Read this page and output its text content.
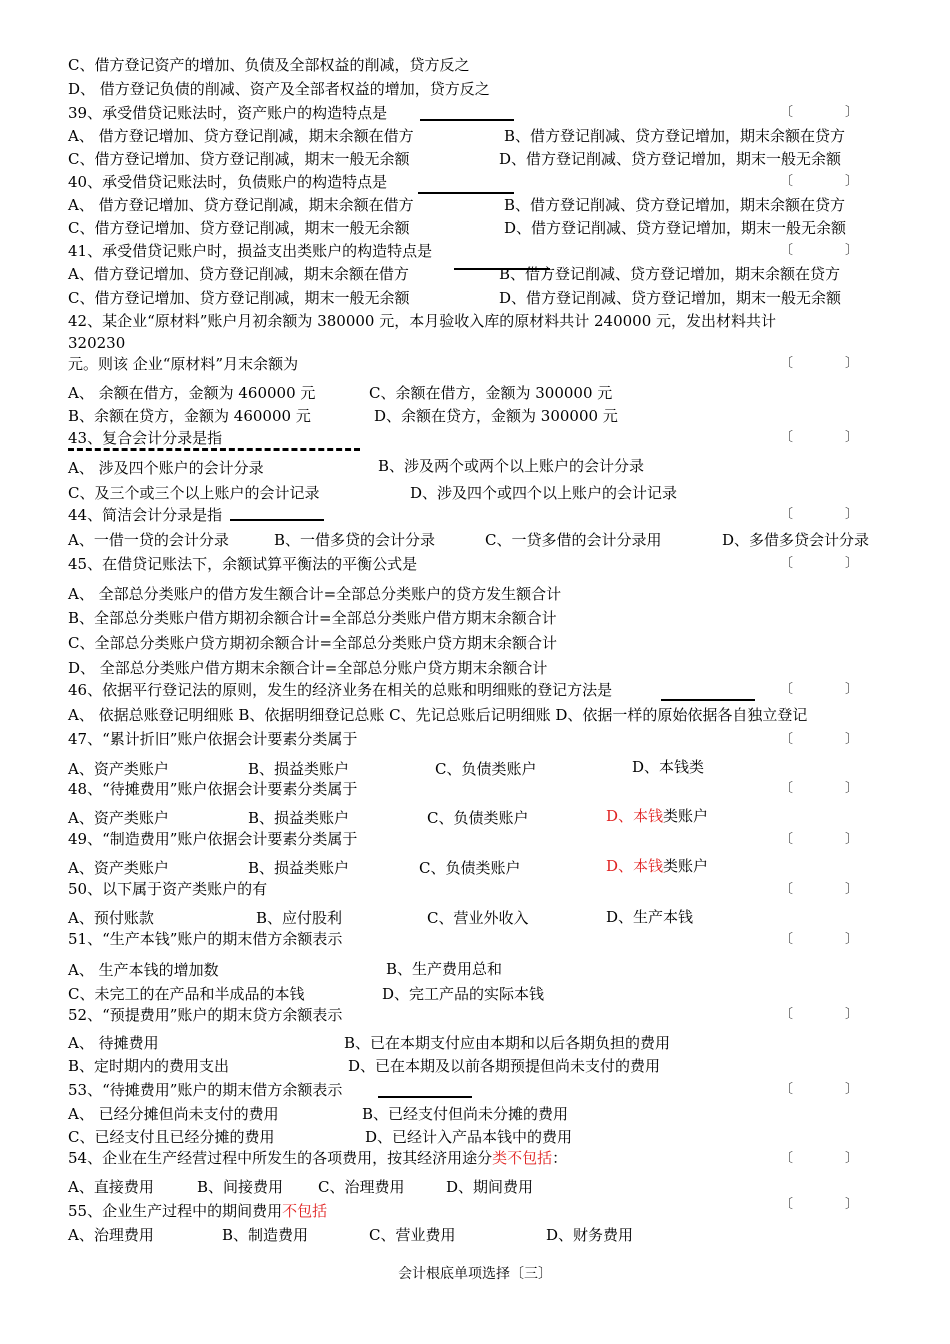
C、借方登记资产的增加、负债及全部权益的削减，贷方反之
D、 借方登记负债的削减、资产及全部者权益的增加，贷方反之
39、承受借贷记账法时，资产账户的构造特点是	〔　　　　〕
A、 借方登记增加、贷方登记削减，期末余额在借方	B、借方登记削减、贷方登记增加，期末余额在贷方
C、借方登记增加、贷方登记削减，期末一般无余额	D、借方登记削减、贷方登记增加，期末一般无余额
40、承受借贷记账法时，负债账户的构造特点是	〔　　　　〕
A、 借方登记增加、贷方登记削减，期末余额在借方	B、借方登记削减、贷方登记增加，期末余额在贷方
C、借方登记增加、贷方登记削减，期末一般无余额	D、借方登记削减、贷方登记增加，期末一般无余额
41、承受借贷记账户时，损益支出类账户的构造特点是	〔　　　　〕
A、借方登记增加、贷方登记削减，期末余额在借方	B、借方登记削减、贷方登记增加，期末余额在贷方
C、借方登记增加、贷方登记削减，期末一般无余额	D、借方登记削减、贷方登记增加，期末一般无余额
42、某企业“原材料”账户月初余额为 380000 元，本月验收入库的原材料共计 240000 元，发出材料共计
320230
元。则该 企业“原材料”月末余额为	〔　　　　〕
A、 余额在借方，金额为 460000 元	C、余额在借方，金额为 300000 元
B、余额在贷方，金额为 460000 元	D、余额在贷方，金额为 300000 元
43、复合会计分录是指	〔　　　　〕
A、 涉及四个账户的会计分录	B、涉及两个或两个以上账户的会计分录
C、及三个或三个以上账户的会计记录	D、涉及四个或四个以上账户的会计记录
44、简洁会计分录是指	〔　　　　〕
A、一借一贷的会计分录	B、一借多贷的会计分录	C、一贷多借的会计分录用	D、多借多贷会计分录
45、在借贷记账法下，余额试算平衡法的平衡公式是	〔　　　　〕
A、 全部总分类账户的借方发生额合计=全部总分类账户的贷方发生额合计
B、全部总分类账户借方期初余额合计=全部总分类账户借方期末余额合计
C、全部总分类账户贷方期初余额合计=全部总分类账户贷方期末余额合计
D、 全部总分类账户借方期末余额合计=全部总分账户贷方期末余额合计
46、依据平行登记法的原则，发生的经济业务在相关的总账和明细账的登记方法是	〔　　　　〕
A、 依据总账登记明细账 B、依据明细登记总账 C、先记总账后记明细账 D、依据一样的原始依据各自独立登记
47、“累计折旧”账户依据会计要素分类属于	〔　　　　〕
A、资产类账户	B、损益类账户	C、负债类账户	D、本钱类
48、“待摊费用”账户依据会计要素分类属于	〔　　　　〕
A、资产类账户	B、损益类账户	C、负债类账户	D、本钱类账户
49、“制造费用”账户依据会计要素分类属于	〔　　　　〕
A、资产类账户	B、损益类账户	C、负债类账户	D、本钱类账户
50、以下属于资产类账户的有	〔　　　　〕
A、预付账款	B、应付股利	C、营业外收入	D、生产本钱
51、“生产本钱”账户的期末借方余额表示	〔　　　　〕
A、 生产本钱的增加数	B、生产费用总和
C、未完工的在产品和半成品的本钱	D、完工产品的实际本钱
52、“预提费用”账户的期末贷方余额表示	〔　　　　〕
A、 待摊费用	B、已在本期支付应由本期和以后各期负担的费用
B、定时期内的费用支出	D、已在本期及以前各期预提但尚未支付的费用
53、“待摊费用”账户的期末借方余额表示	〔　　　　〕
A、 已经分摊但尚未支付的费用	B、已经支付但尚未分摊的费用
C、已经支付且已经分摊的费用	D、已经计入产品本钱中的费用
54、企业在生产经营过程中所发生的各项费用，按其经济用途分类不包括：	〔　　　　〕
A、直接费用	B、间接费用 C、治理费用	D、期间费用
〔　　　　〕
55、企业生产过程中的期间费用不包括
A、治理费用	B、制造费用	C、营业费用	D、财务费用
会计根底单项选择〔三〕
